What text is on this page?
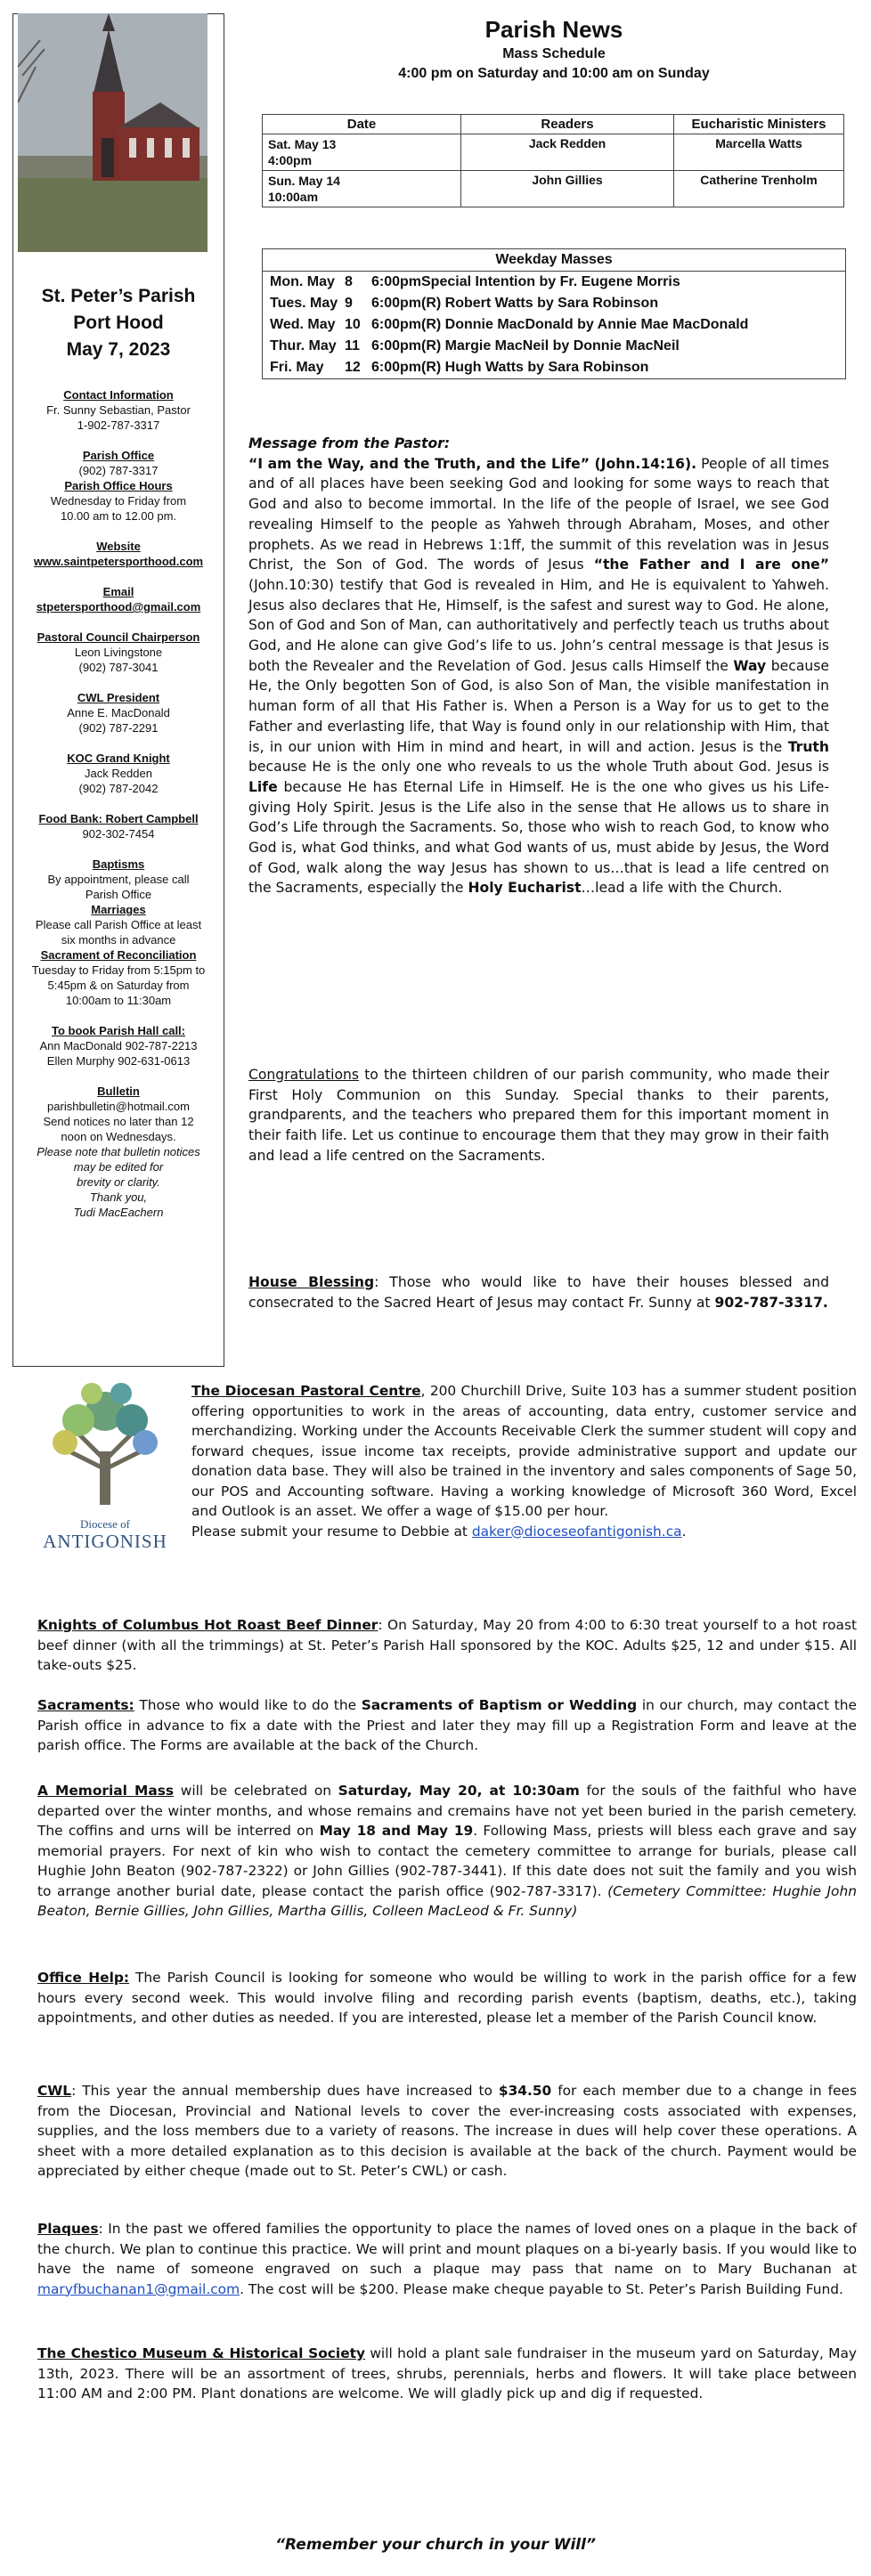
St. Peter’s Parish
Port Hood
May 7, 2023
Contact Information
Fr. Sunny Sebastian, Pastor
1-902-787-3317
Parish Office
(902) 787-3317
Parish Office Hours
Wednesday to Friday from
10.00 am to 12.00 pm.
Website
www.saintpetersporthood.com
Email
stpetersporthood@gmail.com
Pastoral Council Chairperson
Leon Livingstone
(902) 787-3041
CWL President
Anne E. MacDonald
(902) 787-2291
KOC Grand Knight
Jack Redden
(902) 787-2042
Food Bank: Robert Campbell
902-302-7454
Baptisms
By appointment, please call
Parish Office
Marriages
Please call Parish Office at least
six months in advance
Sacrament of Reconciliation
Tuesday to Friday from 5:15pm to
5:45pm & on Saturday from
10:00am to 11:30am
To book Parish Hall call:
Ann MacDonald 902-787-2213
Ellen Murphy 902-631-0613
Bulletin
parishbulletin@hotmail.com
Send notices no later than 12
noon on Wednesdays.
Please note that bulletin notices
may be edited for
brevity or clarity.
Thank you,
Tudi MacEachern
Parish News
Mass Schedule
4:00 pm on Saturday and 10:00 am on Sunday
Date	Readers	Eucharistic Ministers
Sat. May 13
4:00pm	Jack Redden	Marcella Watts
Sun. May 14
10:00am	John Gillies	Catherine Trenholm
Weekday Masses
Mon. May 8	6:00pm Special Intention by Fr. Eugene Morris
Tues. May 9	6:00pm (R) Robert Watts by Sara Robinson
Wed. May 10 6:00pm (R) Donnie MacDonald by Annie Mae MacDonald
Thur. May 11 6:00pm (R) Margie MacNeil by Donnie MacNeil
Fri. May	12 6:00pm (R) Hugh Watts by Sara Robinson
Message from the Pastor:
“I am the Way, and the Truth, and the Life” (John.14:16). People of all times and of all places have been seeking God and looking for some ways to reach that God and also to become immortal. In the life of the people of Israel, we see God revealing Himself to the people as Yahweh through Abraham, Moses, and other prophets. As we read in Hebrews 1:1ff, the summit of this revelation was in Jesus Christ, the Son of God. The words of Jesus “the Father and I are one” (John.10:30) testify that God is revealed in Him, and He is equivalent to Yahweh. Jesus also declares that He, Himself, is the safest and surest way to God. He alone, Son of God and Son of Man, can authoritatively and perfectly teach us truths about God, and He alone can give God’s life to us. John’s central message is that Jesus is both the Revealer and the Revelation of God. Jesus calls Himself the Way because He, the Only begotten Son of God, is also Son of Man, the visible manifestation in human form of all that His Father is. When a Person is a Way for us to get to the Father and everlasting life, that Way is found only in our relationship with Him, that is, in our union with Him in mind and heart, in will and action. Jesus is the Truth because He is the only one who reveals to us the whole Truth about God. Jesus is Life because He has Eternal Life in Himself. He is the one who gives us his Life-giving Holy Spirit. Jesus is the Life also in the sense that He allows us to share in God’s Life through the Sacraments. So, those who wish to reach God, to know who God is, what God thinks, and what God wants of us, must abide by Jesus, the Word of God, walk along the way Jesus has shown to us…that is lead a life centred on the Sacraments, especially the Holy Eucharist…lead a life with the Church.
Congratulations to the thirteen children of our parish community, who made their First Holy Communion on this Sunday. Special thanks to their parents, grandparents, and the teachers who prepared them for this important moment in their faith life. Let us continue to encourage them that they may grow in their faith and lead a life centred on the Sacraments.
House Blessing: Those who would like to have their houses blessed and consecrated to the Sacred Heart of Jesus may contact Fr. Sunny at 902-787-3317.
Diocese of
ANTIGONISH
The Diocesan Pastoral Centre, 200 Churchill Drive, Suite 103 has a summer student position offering opportunities to work in the areas of accounting, data entry, customer service and merchandizing. Working under the Accounts Receivable Clerk the summer student will copy and forward cheques, issue income tax receipts, provide administrative support and update our donation data base. They will also be trained in the inventory and sales components of Sage 50, our POS and Accounting software. Having a working knowledge of Microsoft 360 Word, Excel and Outlook is an asset. We offer a wage of $15.00 per hour.
Please submit your resume to Debbie at daker@dioceseofantigonish.ca.
Knights of Columbus Hot Roast Beef Dinner: On Saturday, May 20 from 4:00 to 6:30 treat yourself to a hot roast beef dinner (with all the trimmings) at St. Peter’s Parish Hall sponsored by the KOC. Adults $25, 12 and under $15. All take-outs $25.
Sacraments: Those who would like to do the Sacraments of Baptism or Wedding in our church, may contact the Parish office in advance to fix a date with the Priest and later they may fill up a Registration Form and leave at the parish office. The Forms are available at the back of the Church.
A Memorial Mass will be celebrated on Saturday, May 20, at 10:30am for the souls of the faithful who have departed over the winter months, and whose remains and cremains have not yet been buried in the parish cemetery. The coffins and urns will be interred on May 18 and May 19. Following Mass, priests will bless each grave and say memorial prayers. For next of kin who wish to contact the cemetery committee to arrange for burials, please call Hughie John Beaton (902-787-2322) or John Gillies (902-787-3441). If this date does not suit the family and you wish to arrange another burial date, please contact the parish office (902-787-3317). (Cemetery Committee: Hughie John Beaton, Bernie Gillies, John Gillies, Martha Gillis, Colleen MacLeod & Fr. Sunny)
Office Help: The Parish Council is looking for someone who would be willing to work in the parish office for a few hours every second week. This would involve filing and recording parish events (baptism, deaths, etc.), taking appointments, and other duties as needed. If you are interested, please let a member of the Parish Council know.
CWL: This year the annual membership dues have increased to $34.50 for each member due to a change in fees from the Diocesan, Provincial and National levels to cover the ever-increasing costs associated with expenses, supplies, and the loss members due to a variety of reasons. The increase in dues will help cover these operations. A sheet with a more detailed explanation as to this decision is available at the back of the church. Payment would be appreciated by either cheque (made out to St. Peter’s CWL) or cash.
Plaques: In the past we offered families the opportunity to place the names of loved ones on a plaque in the back of the church. We plan to continue this practice. We will print and mount plaques on a bi-yearly basis. If you would like to have the name of someone engraved on such a plaque may pass that name on to Mary Buchanan at maryfbuchanan1@gmail.com. The cost will be $200. Please make cheque payable to St. Peter’s Parish Building Fund.
The Chestico Museum & Historical Society will hold a plant sale fundraiser in the museum yard on Saturday, May 13th, 2023. There will be an assortment of trees, shrubs, perennials, herbs and flowers. It will take place between 11:00 AM and 2:00 PM. Plant donations are welcome. We will gladly pick up and dig if requested.
“Remember your church in your Will”
